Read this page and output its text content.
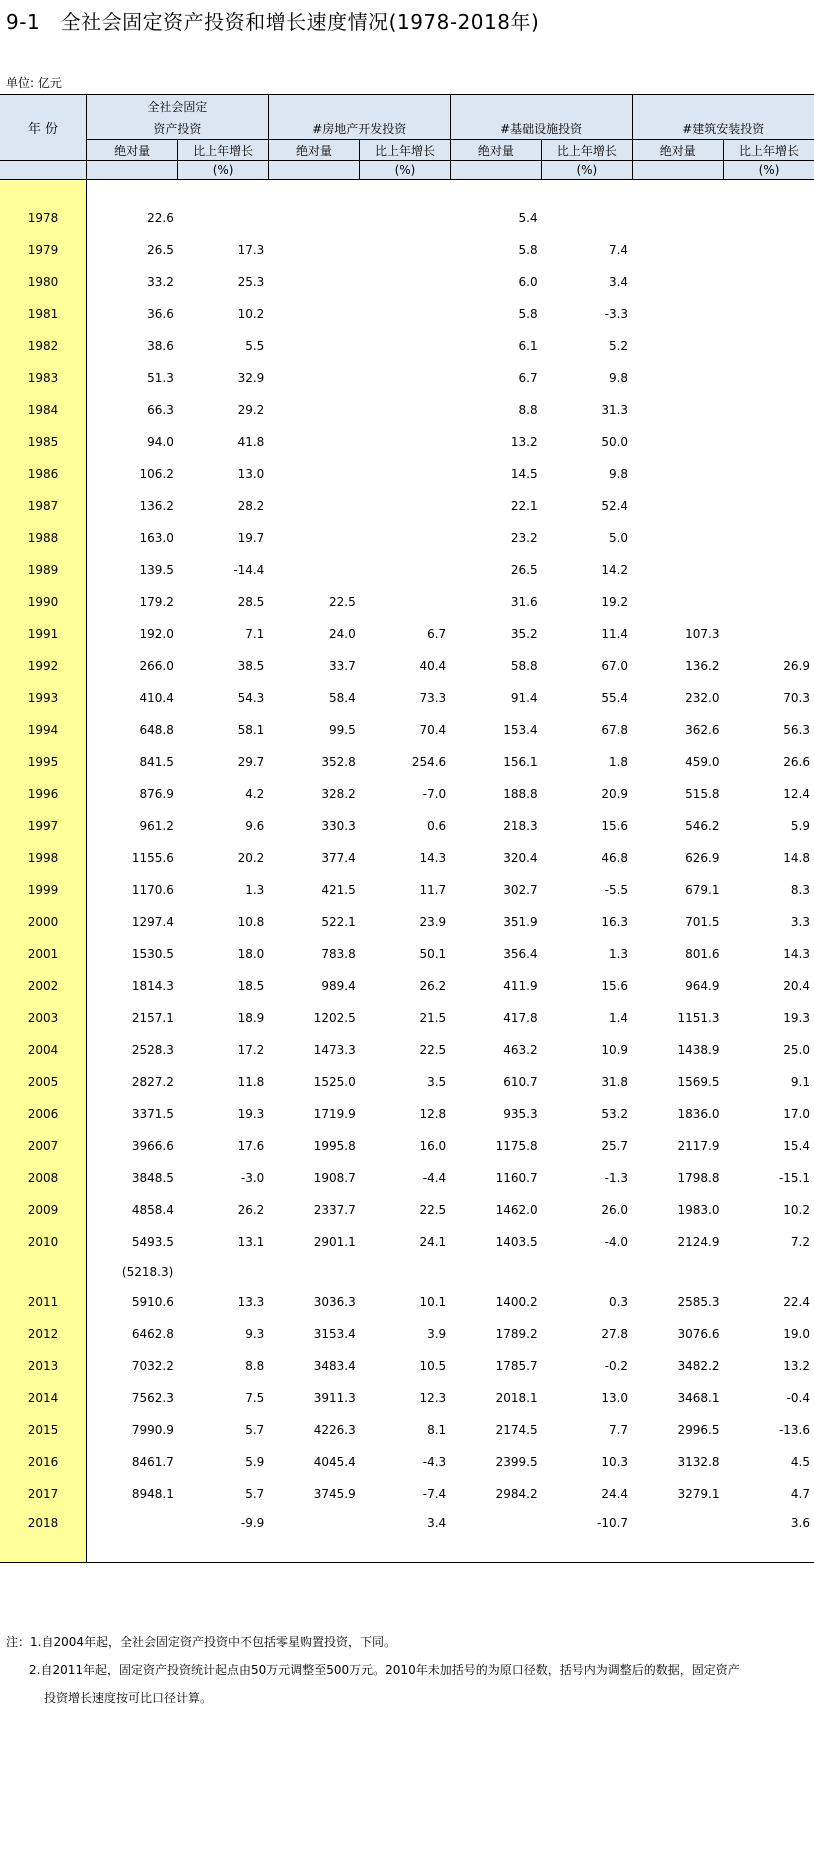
9-1　全社会固定资产投资和增长速度情况(1978-2018年)
单位: 亿元
年 份	全社会固定							
	资产投资		#房地产开发投资		#基础设施投资		#建筑安装投资	
	绝对量	比上年增长	绝对量	比上年增长	绝对量	比上年增长	绝对量	比上年增长
		(%)		(%)		(%)		(%)

1978	22.6				5.4			
1979	26.5	17.3			5.8	7.4		
1980	33.2	25.3			6.0	3.4		
1981	36.6	10.2			5.8	-3.3		
1982	38.6	5.5			6.1	5.2		
1983	51.3	32.9			6.7	9.8		
1984	66.3	29.2			8.8	31.3		
1985	94.0	41.8			13.2	50.0		
1986	106.2	13.0			14.5	9.8		
1987	136.2	28.2			22.1	52.4		
1988	163.0	19.7			23.2	5.0		
1989	139.5	-14.4			26.5	14.2		
1990	179.2	28.5	22.5		31.6	19.2		
1991	192.0	7.1	24.0	6.7	35.2	11.4	107.3	
1992	266.0	38.5	33.7	40.4	58.8	67.0	136.2	26.9
1993	410.4	54.3	58.4	73.3	91.4	55.4	232.0	70.3
1994	648.8	58.1	99.5	70.4	153.4	67.8	362.6	56.3
1995	841.5	29.7	352.8	254.6	156.1	1.8	459.0	26.6
1996	876.9	4.2	328.2	-7.0	188.8	20.9	515.8	12.4
1997	961.2	9.6	330.3	0.6	218.3	15.6	546.2	5.9
1998	1155.6	20.2	377.4	14.3	320.4	46.8	626.9	14.8
1999	1170.6	1.3	421.5	11.7	302.7	-5.5	679.1	8.3
2000	1297.4	10.8	522.1	23.9	351.9	16.3	701.5	3.3
2001	1530.5	18.0	783.8	50.1	356.4	1.3	801.6	14.3
2002	1814.3	18.5	989.4	26.2	411.9	15.6	964.9	20.4
2003	2157.1	18.9	1202.5	21.5	417.8	1.4	1151.3	19.3
2004	2528.3	17.2	1473.3	22.5	463.2	10.9	1438.9	25.0
2005	2827.2	11.8	1525.0	3.5	610.7	31.8	1569.5	9.1
2006	3371.5	19.3	1719.9	12.8	935.3	53.2	1836.0	17.0
2007	3966.6	17.6	1995.8	16.0	1175.8	25.7	2117.9	15.4
2008	3848.5	-3.0	1908.7	-4.4	1160.7	-1.3	1798.8	-15.1
2009	4858.4	26.2	2337.7	22.5	1462.0	26.0	1983.0	10.2
2010	5493.5	13.1	2901.1	24.1	1403.5	-4.0	2124.9	7.2
	(5218.3)							
2011	5910.6	13.3	3036.3	10.1	1400.2	0.3	2585.3	22.4
2012	6462.8	9.3	3153.4	3.9	1789.2	27.8	3076.6	19.0
2013	7032.2	8.8	3483.4	10.5	1785.7	-0.2	3482.2	13.2
2014	7562.3	7.5	3911.3	12.3	2018.1	13.0	3468.1	-0.4
2015	7990.9	5.7	4226.3	8.1	2174.5	7.7	2996.5	-13.6
2016	8461.7	5.9	4045.4	-4.3	2399.5	10.3	3132.8	4.5
2017	8948.1	5.7	3745.9	-7.4	2984.2	24.4	3279.1	4.7
2018		-9.9		3.4		-10.7		3.6
注：1.自2004年起，全社会固定资产投资中不包括零星购置投资，下同。
2.自2011年起，固定资产投资统计起点由50万元调整至500万元。2010年未加括号的为原口径数，括号内为调整后的数据，固定资产
投资增长速度按可比口径计算。
